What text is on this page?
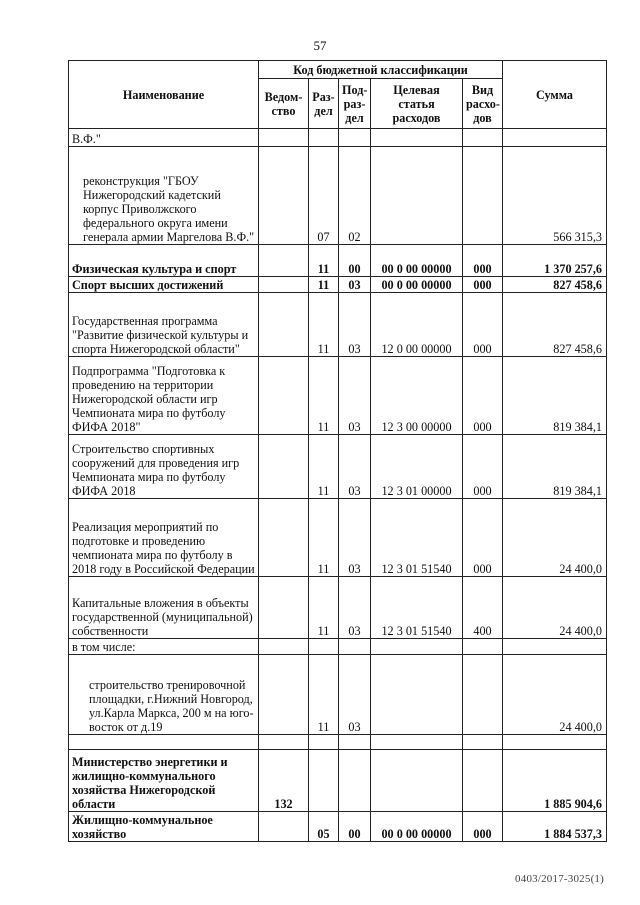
57
Наименование	Код бюджетной классификации					Сумма
	Ведом-ство	Раз-дел	Под-раз-дел	Целевая статья расходов	Вид расхо-дов	
В.Ф."						
реконструкция "ГБОУ Нижегородский кадетский корпус Приволжского федерального округа имени генерала армии Маргелова В.Ф."		07	02			566 315,3
Физическая культура и спорт		11	00	00 0 00 00000	000	1 370 257,6
Спорт высших достижений		11	03	00 0 00 00000	000	827 458,6
Государственная программа "Развитие физической культуры и спорта Нижегородской области"		11	03	12 0 00 00000	000	827 458,6
Подпрограмма "Подготовка к проведению на территории Нижегородской области игр Чемпионата мира по футболу ФИФА 2018"		11	03	12 3 00 00000	000	819 384,1
Строительство спортивных сооружений для проведения игр Чемпионата мира по футболу ФИФА 2018		11	03	12 3 01 00000	000	819 384,1
Реализация мероприятий по подготовке и проведению чемпионата мира по футболу в 2018 году в Российской Федерации		11	03	12 3 01 51540	000	24 400,0
Капитальные вложения в объекты государственной (муниципальной) собственности		11	03	12 3 01 51540	400	24 400,0
в том числе:						
строительство тренировочной площадки, г.Нижний Новгород, ул.Карла Маркса, 200 м на юго-восток от д.19		11	03			24 400,0

Министерство энергетики и жилищно-коммунального хозяйства Нижегородской области	132					1 885 904,6
Жилищно-коммунальное хозяйство		05	00	00 0 00 00000	000	1 884 537,3
0403/2017-3025(1)
